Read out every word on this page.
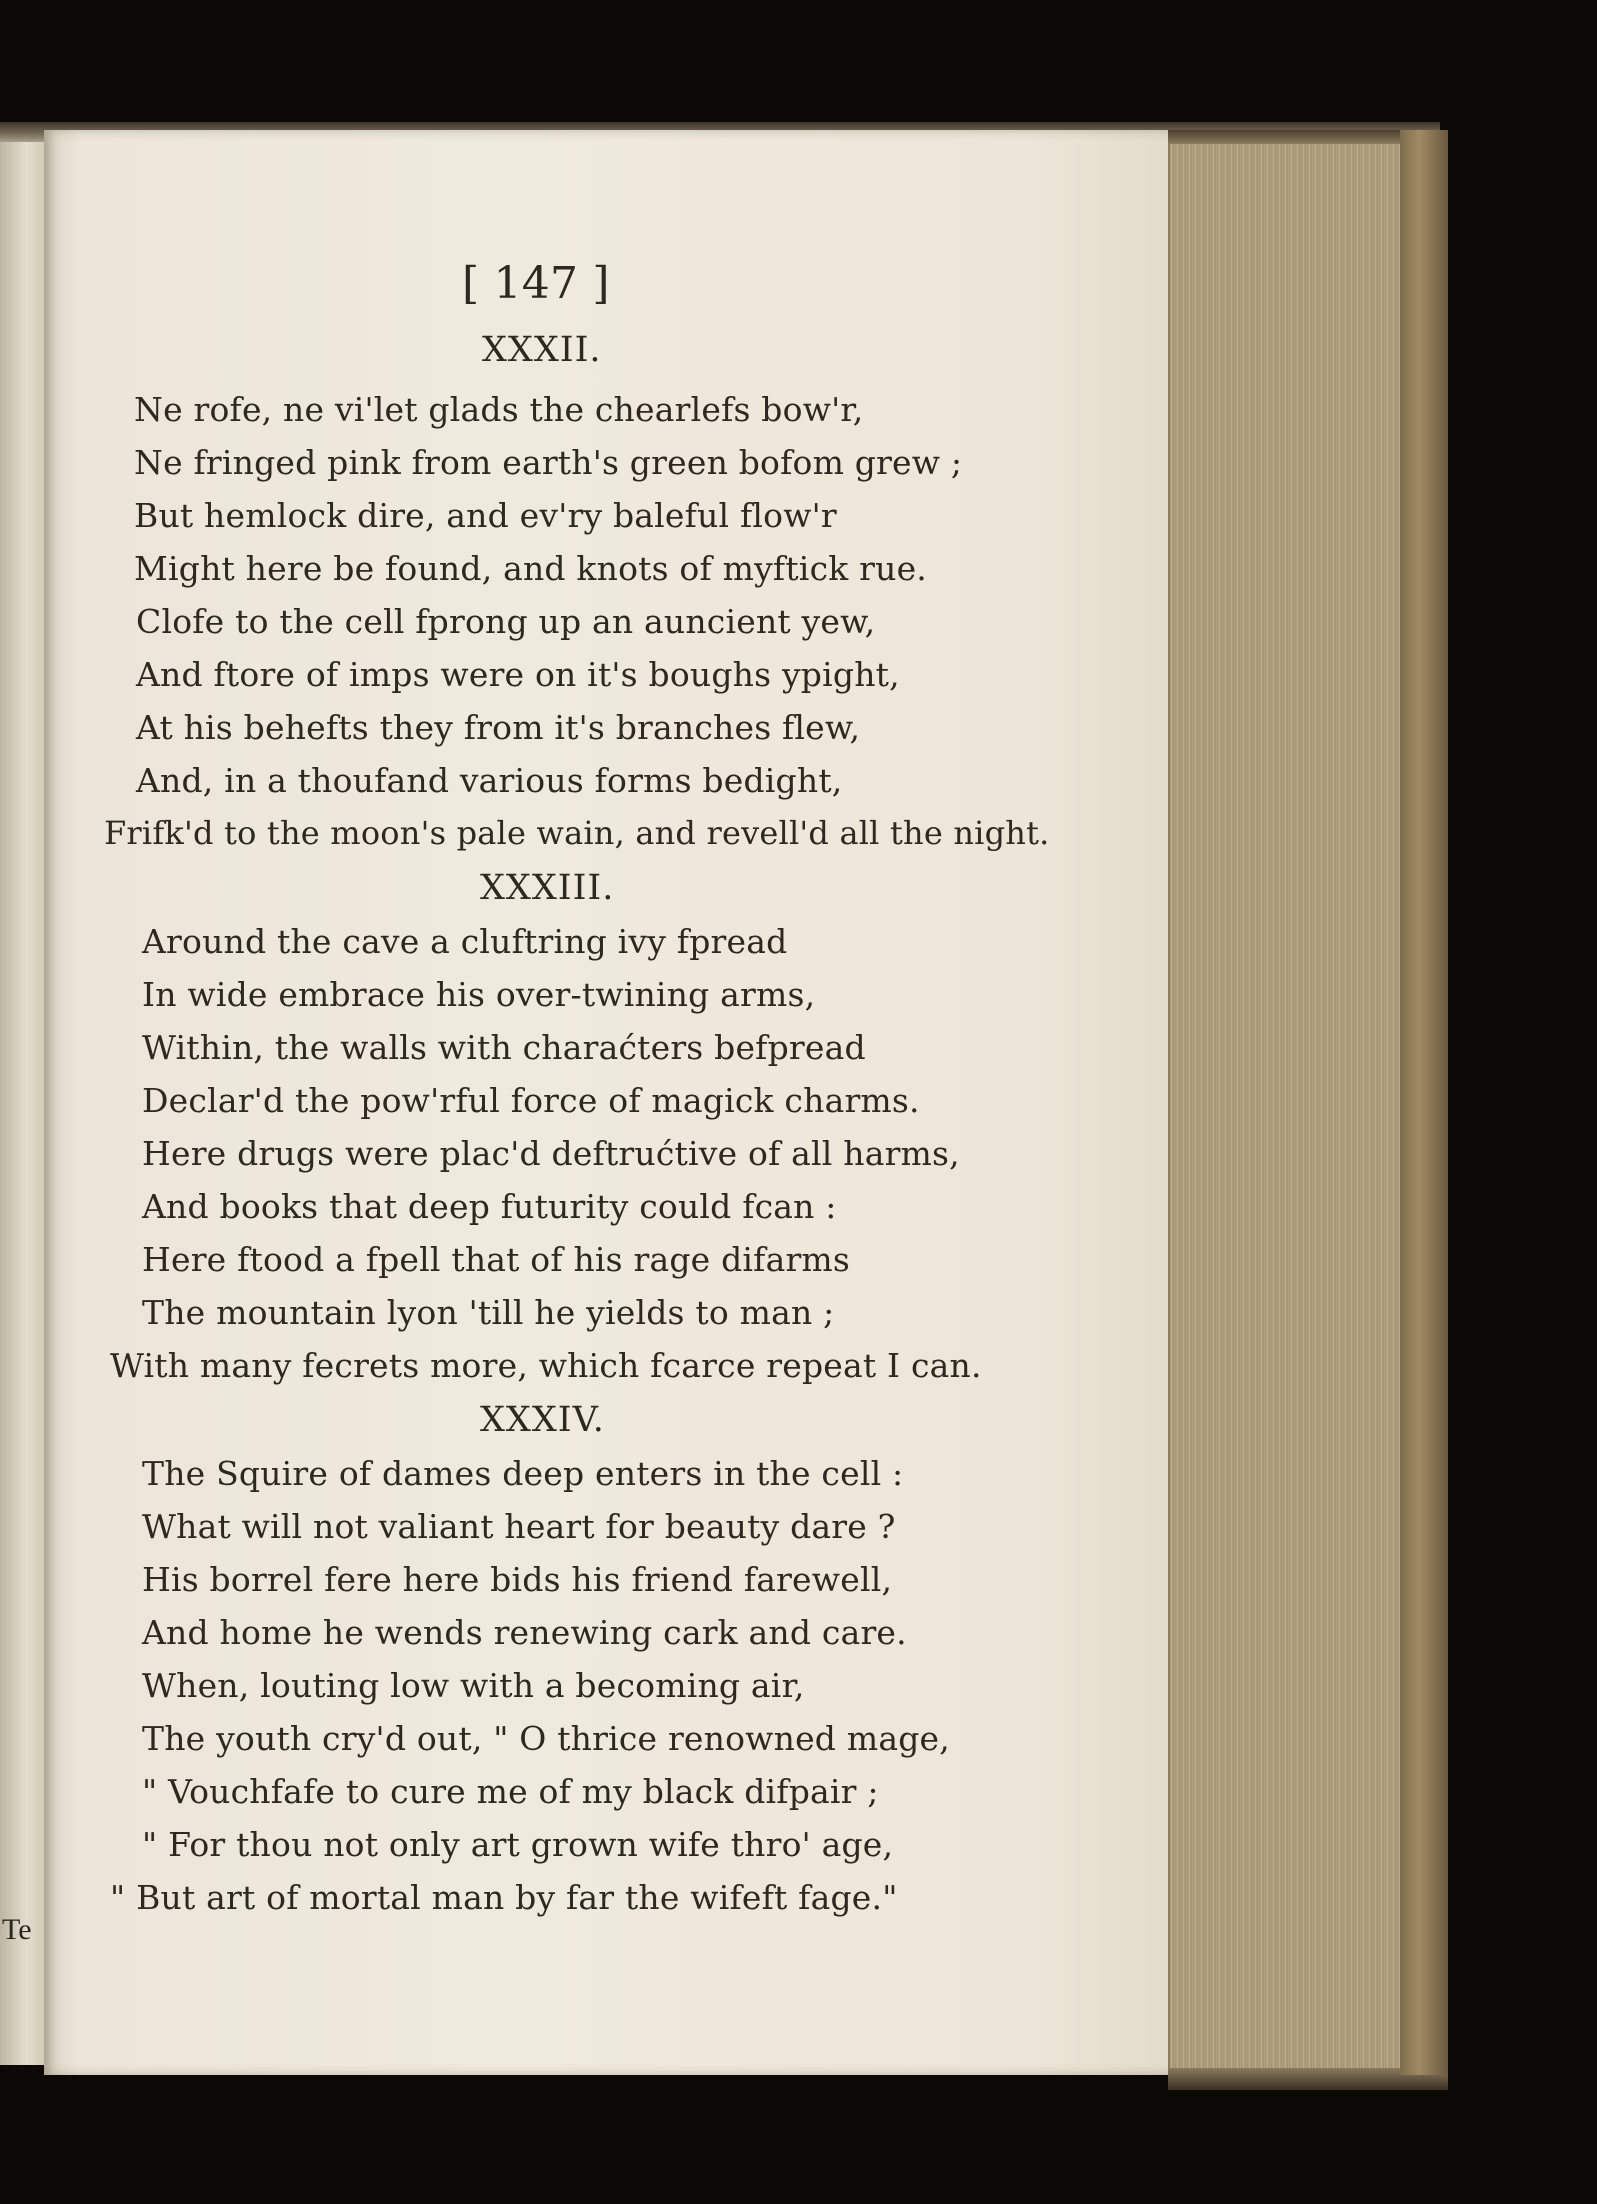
Te
[ 147 ]
XXXII.
Ne rofe, ne vi'let glads the chearlefs bow'r,
Ne fringed pink from earth's green bofom grew ;
But hemlock dire, and ev'ry baleful flow'r
Might here be found, and knots of myftick rue.
Clofe to the cell fprong up an auncient yew,
And ftore of imps were on it's boughs ypight,
At his behefts they from it's branches flew,
And, in a thoufand various forms bedight,
Frifk'd to the moon's pale wain, and revell'd all the night.
XXXIII.
Around the cave a cluftring ivy fpread
In wide embrace his over-twining arms,
Within, the walls with charaćters befpread
Declar'd the pow'rful force of magick charms.
Here drugs were plac'd deftrućtive of all harms,
And books that deep futurity could fcan :
Here ftood a fpell that of his rage difarms
The mountain lyon 'till he yields to man ;
With many fecrets more, which fcarce repeat I can.
XXXIV.
The Squire of dames deep enters in the cell :
What will not valiant heart for beauty dare ?
His borrel fere here bids his friend farewell,
And home he wends renewing cark and care.
When, louting low with a becoming air,
The youth cry'd out, " O thrice renowned mage,
" Vouchfafe to cure me of my black difpair ;
" For thou not only art grown wife thro' age,
" But art of mortal man by far the wifeft fage."
